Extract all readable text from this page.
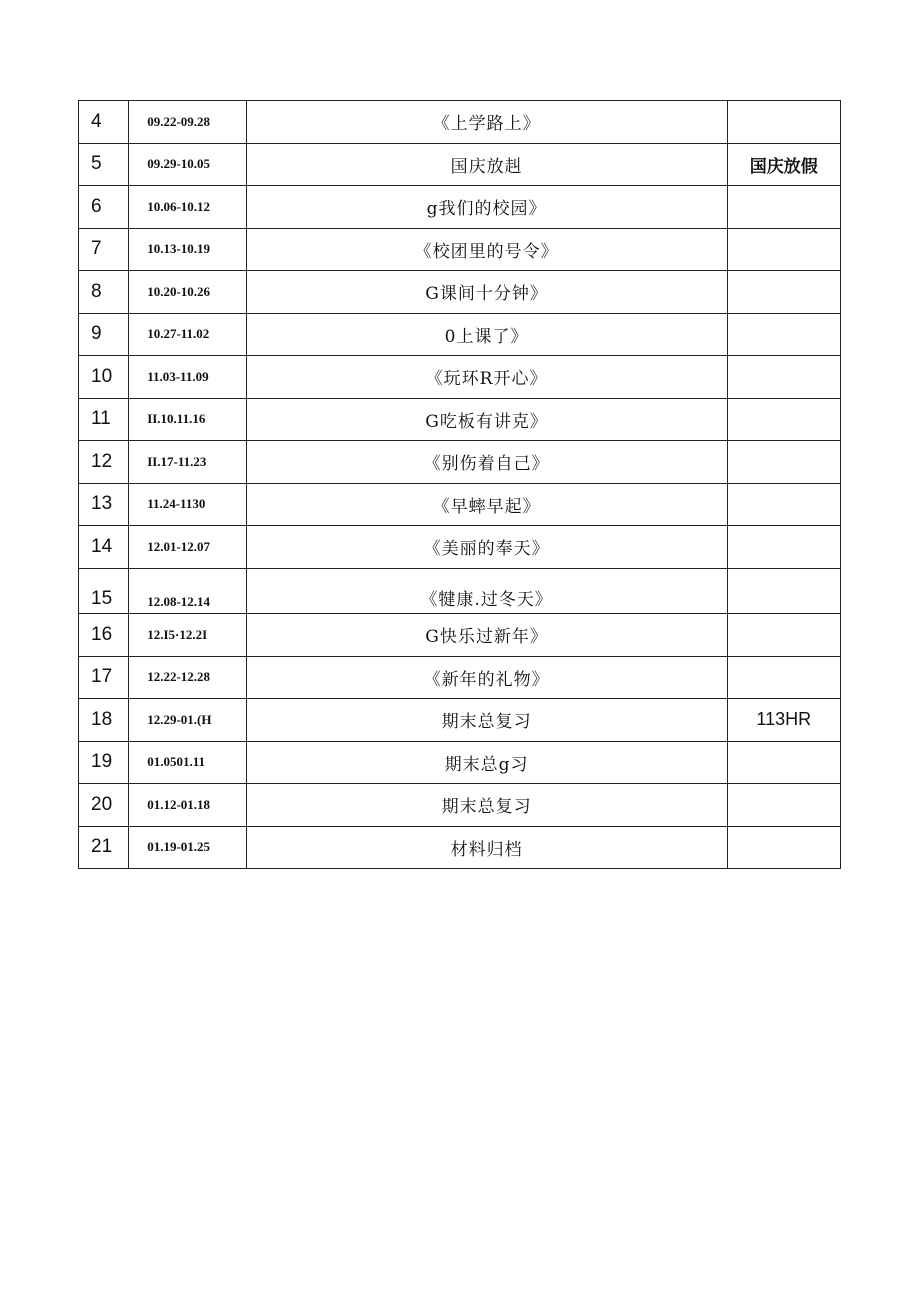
4	09.22-09.28	《上学路上》	
5	09.29-10.05	国庆放赳	国庆放假
6	10.06-10.12	g我们的校园》	
7	10.13-10.19	《校团里的号令》	
8	10.20-10.26	G课间十分钟》	
9	10.27-11.02	0上课了》	
10	11.03-11.09	《玩环R开心》	
11	II.10.11.16	G吃板有讲克》	
12	II.17-11.23	《别伤着自己》	
13	11.24-1130	《早蟀早起》	
14	12.01-12.07	《美丽的奉天》	
15	12.08-12.14	《犍康.过冬天》	
16	12.I5·12.2I	G快乐过新年》	
17	12.22-12.28	《新年的礼物》	
18	12.29-01.(H	期末总复习	113HR
19	01.0501.11	期末总g习	
20	01.12-01.18	期末总复习	
21	01.19-01.25	材料归档	
